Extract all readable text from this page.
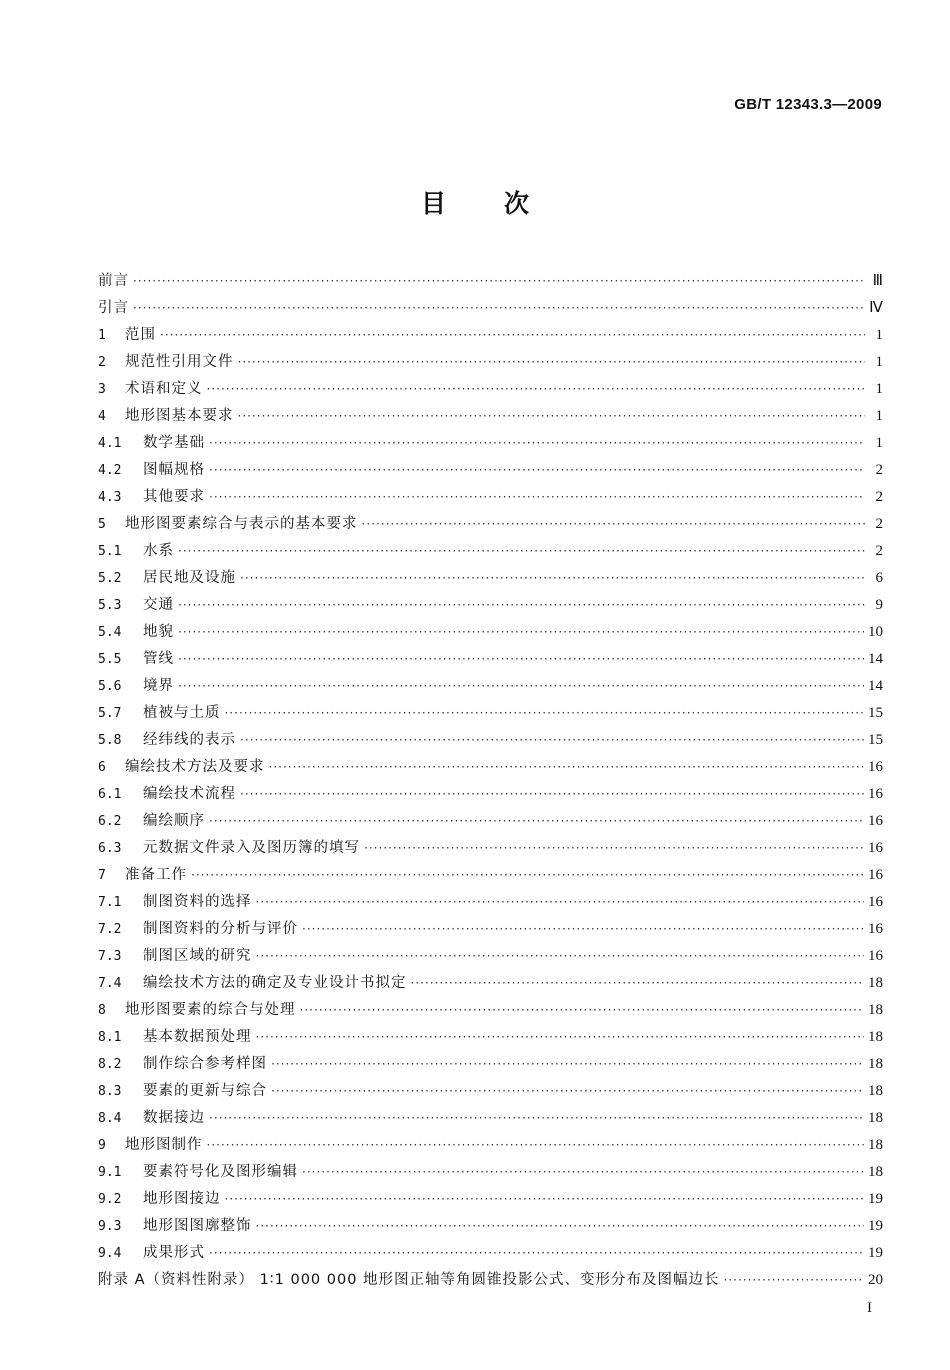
GB/T 12343.3—2009
目 次
前言 ·····	Ⅲ
引言 ·····	Ⅳ
1	范围 ·····	1
2	规范性引用文件 ·····	1
3	术语和定义 ·····	1
4	地形图基本要求 ·····	1
4.1	数学基础 ·····	1
4.2	图幅规格 ·····	2
4.3	其他要求 ·····	2
5	地形图要素综合与表示的基本要求 ·····	2
5.1	水系 ·····	2
5.2	居民地及设施 ·····	6
5.3	交通 ·····	9
5.4	地貌 ·····	10
5.5	管线 ·····	14
5.6	境界 ·····	14
5.7	植被与土质 ·····	15
5.8	经纬线的表示 ·····	15
6	编绘技术方法及要求 ·····	16
6.1	编绘技术流程 ·····	16
6.2	编绘顺序 ·····	16
6.3	元数据文件录入及图历簿的填写 ·····	16
7	准备工作 ·····	16
7.1	制图资料的选择 ·····	16
7.2	制图资料的分析与评价 ·····	16
7.3	制图区域的研究 ·····	16
7.4	编绘技术方法的确定及专业设计书拟定 ·····	18
8	地形图要素的综合与处理 ·····	18
8.1	基本数据预处理 ·····	18
8.2	制作综合参考样图 ·····	18
8.3	要素的更新与综合 ·····	18
8.4	数据接边 ·····	18
9	地形图制作 ·····	18
9.1	要素符号化及图形编辑 ·····	18
9.2	地形图接边 ·····	19
9.3	地形图图廓整饰 ·····	19
9.4	成果形式 ·····	19
附录 A（资料性附录） 1∶1 000 000 地形图正轴等角圆锥投影公式、变形分布及图幅边长 ·····	20
I
